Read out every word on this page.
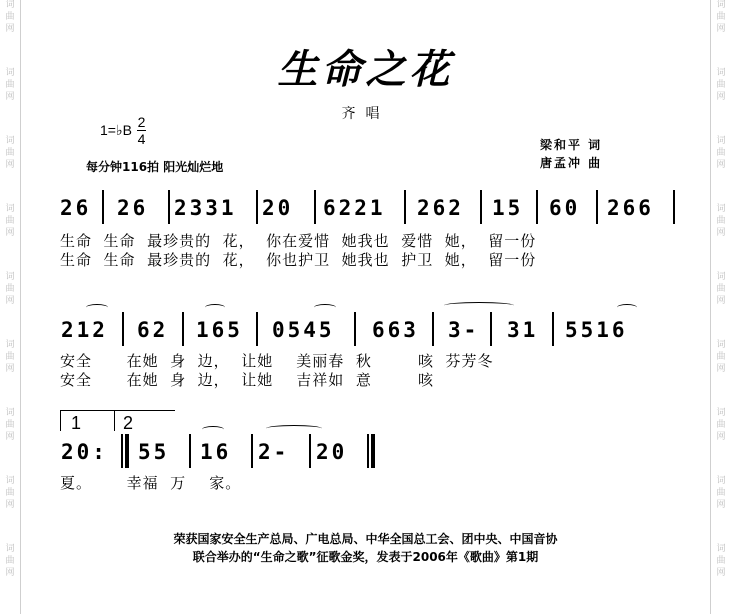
词
曲
网
词
曲
网
词
曲
网
词
曲
网
词
曲
网
词
曲
网
词
曲
网
词
曲
网
词
曲
网
词
曲
网
词
曲
网
词
曲
网
词
曲
网
词
曲
网
词
曲
网
词
曲
网
词
曲
网
词
曲
网
生命之花
齐唱
1=♭B 2
4
每分钟116拍 阳光灿烂地
梁和平 词
唐孟冲 曲
26 26 2331 20 6221 262 15 60 266
生命  生命  最珍贵的  花，  你在爱惜  她我也  爱惜  她，  留一份
生命  生命  最珍贵的  花，  你也护卫  她我也  护卫  她，  留一份
212 62 165 0545 663 3- 31 5516
安全      在她  身  边，  让她    美丽春  秋        咳  芬芳冬
安全      在她  身  边，  让她    吉祥如  意        咳
1 2
20: 55 16 2- 20
夏。      幸福  万    家。
荣获国家安全生产总局、广电总局、中华全国总工会、团中央、中国音协
联合举办的“生命之歌”征歌金奖，发表于2006年《歌曲》第1期
